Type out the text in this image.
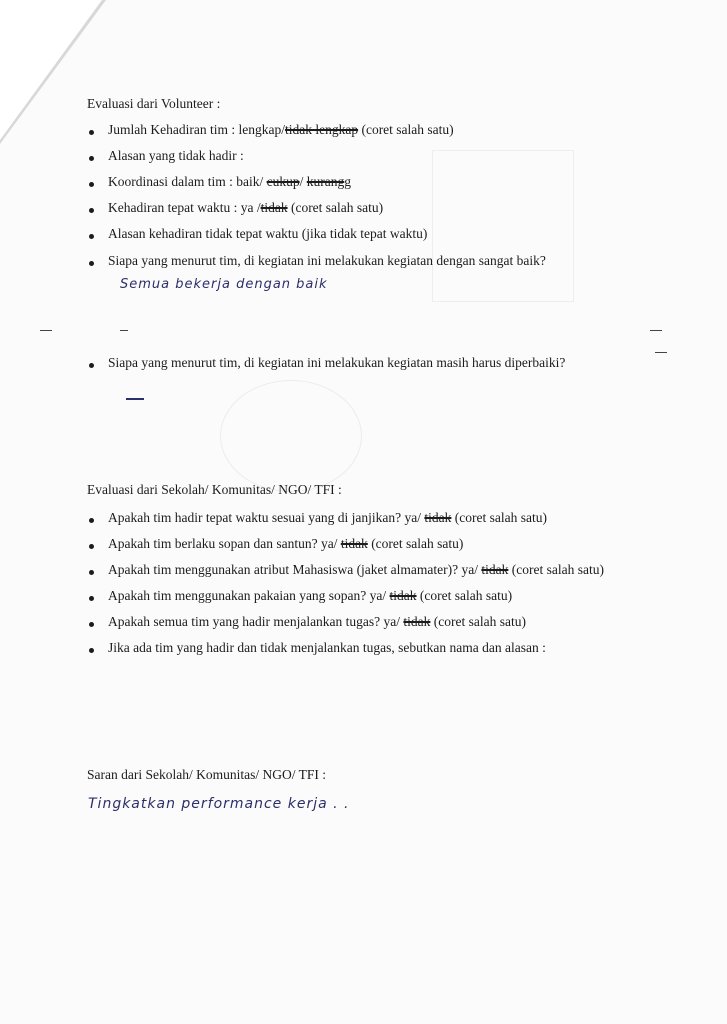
Evaluasi dari Volunteer :
Jumlah Kehadiran tim : lengkap/tidak lengkap (coret salah satu)
Alasan yang tidak hadir :
Koordinasi dalam tim : baik/ cukup/ kurangg
Kehadiran tepat waktu : ya /tidak (coret salah satu)
Alasan kehadiran tidak tepat waktu (jika tidak tepat waktu)
Siapa yang menurut tim, di kegiatan ini melakukan kegiatan dengan sangat baik?
Semua bekerja dengan baik
Siapa yang menurut tim, di kegiatan ini melakukan kegiatan masih harus diperbaiki?
Evaluasi dari Sekolah/ Komunitas/ NGO/ TFI :
Apakah tim hadir tepat waktu sesuai yang di janjikan? ya/ tidak (coret salah satu)
Apakah tim berlaku sopan dan santun? ya/ tidak (coret salah satu)
Apakah tim menggunakan atribut Mahasiswa (jaket almamater)? ya/ tidak (coret salah satu)
Apakah tim menggunakan pakaian yang sopan? ya/ tidak (coret salah satu)
Apakah semua tim yang hadir menjalankan tugas? ya/ tidak (coret salah satu)
Jika ada tim yang hadir dan tidak menjalankan tugas, sebutkan nama dan alasan :
Saran dari Sekolah/ Komunitas/ NGO/ TFI :
Tingkatkan performance kerja . .
